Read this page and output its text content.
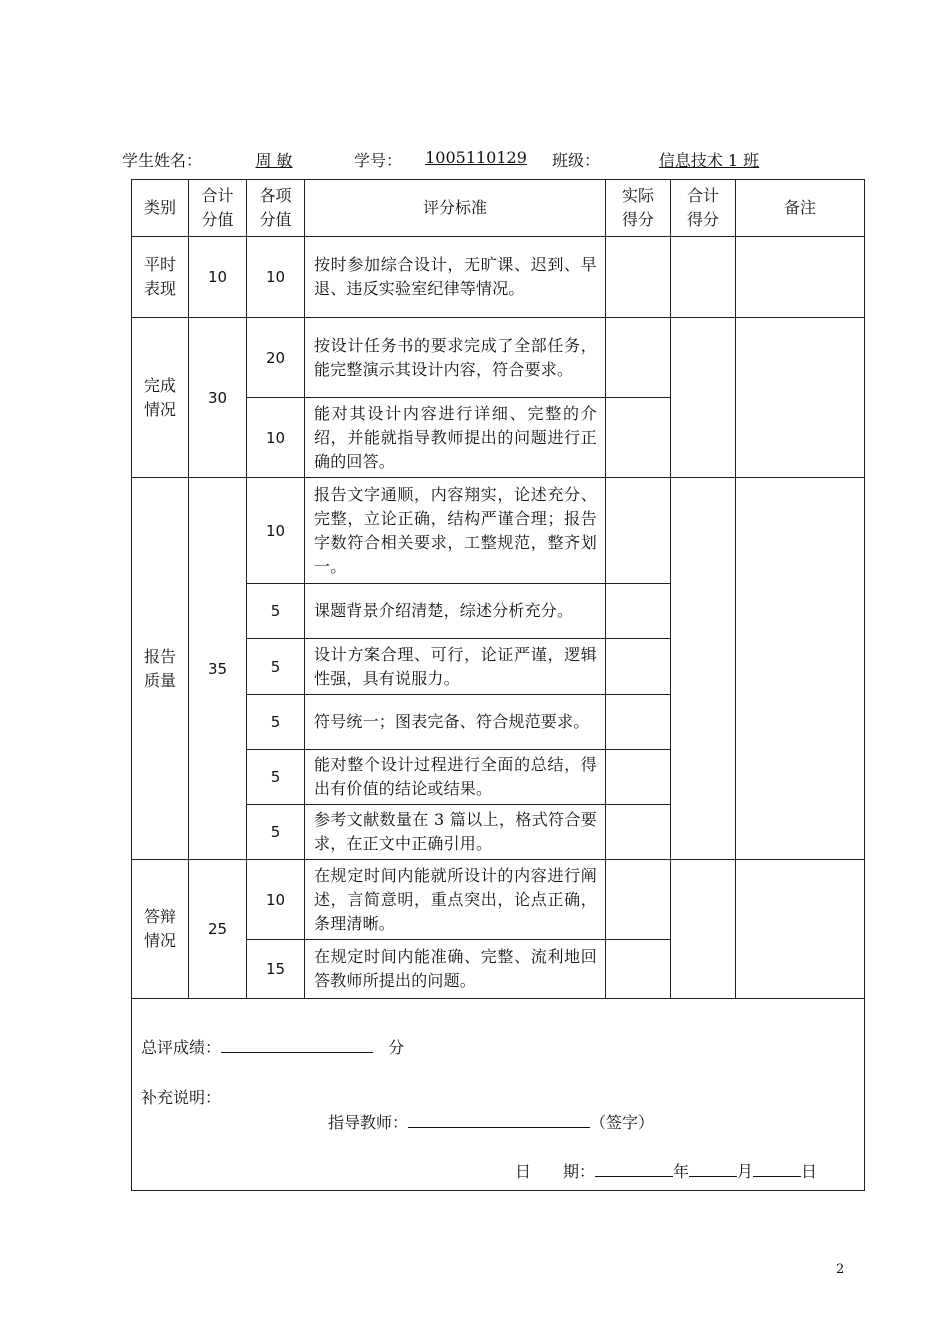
学生姓名：	周 敏	学号：	1005110129	班级：	信息技术 1 班
类别	合计分值	各项分值	评分标准	实际得分	合计得分	备注
平时表现	10	10	按时参加综合设计，无旷课、迟到、早退、违反实验室纪律等情况。			
完成情况	30	20	按设计任务书的要求完成了全部任务，能完整演示其设计内容，符合要求。			
		10	能对其设计内容进行详细、完整的介绍，并能就指导教师提出的问题进行正确的回答。			
报告质量	35	10	报告文字通顺，内容翔实，论述充分、完整，立论正确，结构严谨合理；报告字数符合相关要求，工整规范，整齐划一。			
		5	课题背景介绍清楚，综述分析充分。			
		5	设计方案合理、可行，论证严谨，逻辑性强，具有说服力。			
		5	符号统一；图表完备、符合规范要求。			
		5	能对整个设计过程进行全面的总结，得出有价值的结论或结果。			
		5	参考文献数量在 3 篇以上，格式符合要求，在正文中正确引用。			
答辩情况	25	10	在规定时间内能就所设计的内容进行阐述，言简意明，重点突出，论点正确，条理清晰。			
		15	在规定时间内能准确、完整、流利地回答教师所提出的问题。			

总评成绩： 分
补充说明：
指导教师： （签字）
日　　期： 年 月 日						
2
